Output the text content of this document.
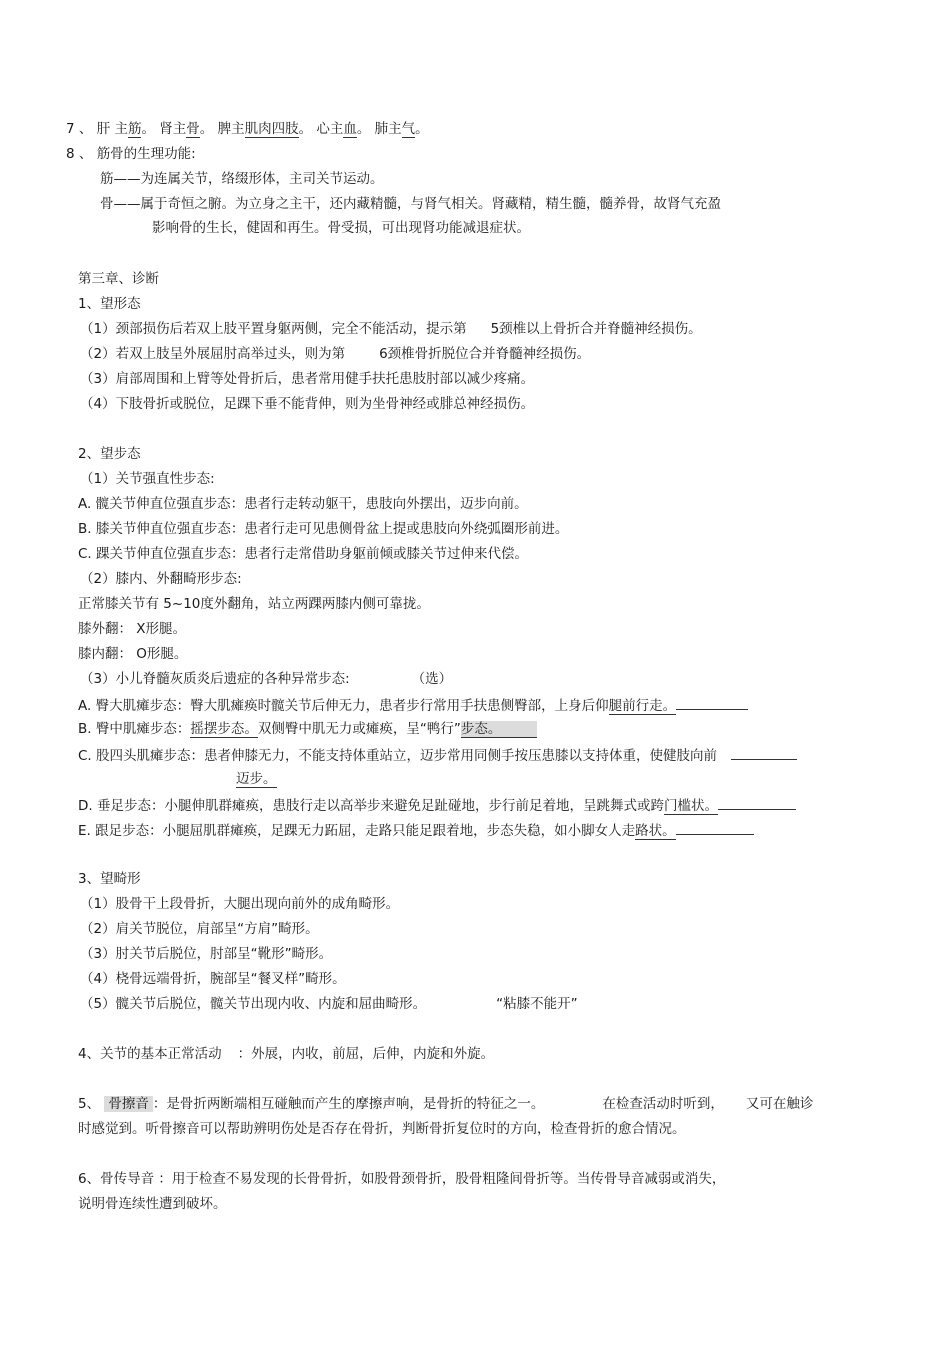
7 、 肝 主筋。 肾主骨。 脾主肌肉四肢。 心主血。 肺主气。
8 、 筋骨的生理功能:
筋——为连属关节，络缀形体，主司关节运动。
骨——属于奇恒之腑。为立身之主干，还内藏精髓，与肾气相关。肾藏精，精生髓，髓养骨，故肾气充盈
影响骨的生长，健固和再生。骨受损，可出现肾功能减退症状。
第三章、诊断
1、望形态
（1）颈部损伤后若双上肢平置身躯两侧，完全不能活动，提示第 5颈椎以上骨折合并脊髓神经损伤。
（2）若双上肢呈外展屈肘高举过头，则为第	6颈椎骨折脱位合并脊髓神经损伤。
（3）肩部周围和上臂等处骨折后，患者常用健手扶托患肢肘部以减少疼痛。
（4）下肢骨折或脱位，足踝下垂不能背伸，则为坐骨神经或腓总神经损伤。
2、望步态
（1）关节强直性步态:
A. 髋关节伸直位强直步态：患者行走转动躯干，患肢向外摆出，迈步向前。
B. 膝关节伸直位强直步态：患者行走可见患侧骨盆上提或患肢向外绕弧圈形前进。
C. 踝关节伸直位强直步态：患者行走常借助身躯前倾或膝关节过伸来代偿。
（2）膝内、外翻畸形步态:
正常膝关节有 5~10度外翻角，站立两踝两膝内侧可靠拢。
膝外翻： X形腿。
膝内翻： O形腿。
（3）小儿脊髓灰质炎后遗症的各种异常步态:	（选）
A. 臀大肌瘫步态：臀大肌瘫痪时髋关节后伸无力，患者步行常用手扶患侧臀部，上身后仰腿前行走。
B. 臀中肌瘫步态：摇摆步态。双侧臀中肌无力或瘫痪，呈“鸭行”步态。
C. 股四头肌瘫步态：患者伸膝无力，不能支持体重站立，迈步常用同侧手按压患膝以支持体重，使健肢向前
迈步。
D. 垂足步态：小腿伸肌群瘫痪，患肢行走以高举步来避免足趾碰地，步行前足着地，呈跳舞式或跨门槛状。
E. 跟足步态：小腿屈肌群瘫痪，足踝无力跖屈，走路只能足跟着地，步态失稳，如小脚女人走路状。
3、望畸形
（1）股骨干上段骨折，大腿出现向前外的成角畸形。
（2）肩关节脱位，肩部呈“方肩”畸形。
（3）肘关节后脱位，肘部呈“靴形”畸形。
（4）桡骨远端骨折，腕部呈“餐叉样”畸形。
（5）髋关节后脱位，髋关节出现内收、内旋和屈曲畸形。	“粘膝不能开”
4、关节的基本正常活动 ：外展，内收，前屈，后伸，内旋和外旋。
5、 骨擦音 ：是骨折两断端相互碰触而产生的摩擦声响，是骨折的特征之一。	在检查活动时听到， 又可在触诊
时感觉到。听骨擦音可以帮助辨明伤处是否存在骨折，判断骨折复位时的方向，检查骨折的愈合情况。
6、骨传导音 ：用于检查不易发现的长骨骨折，如股骨颈骨折，股骨粗隆间骨折等。当传骨导音减弱或消失，
说明骨连续性遭到破坏。
